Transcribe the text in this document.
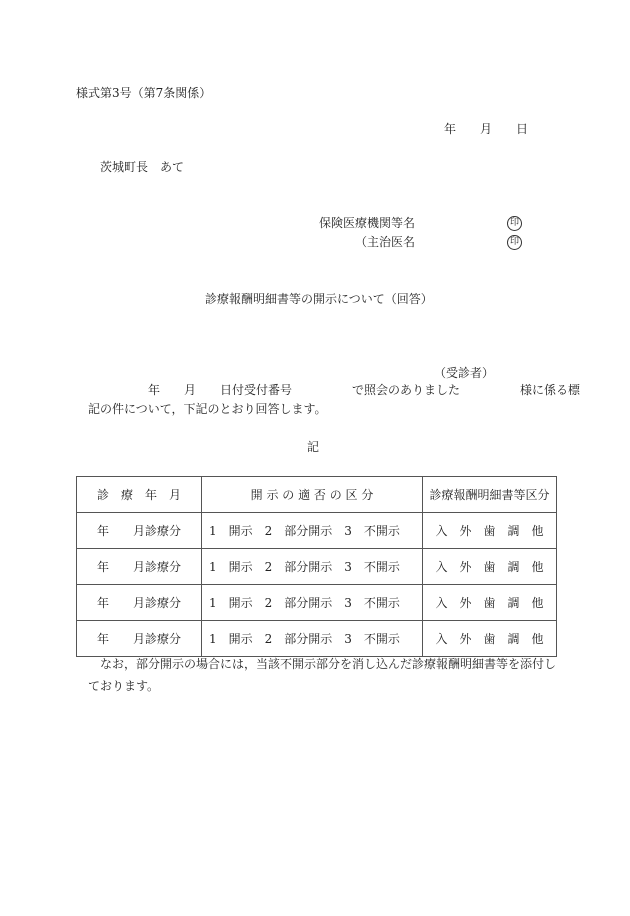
様式第3号（第7条関係）
年　　月　　日
茨城町長　あて
保険医療機関等名	印
（主治医名	印
診療報酬明細書等の開示について（回答）
（受診者）
年　　月　　日付受付番号　　　　　で照会のありました　　　　　様に係る標
記の件について，下記のとおり回答します。
記
診　療　年　月	開 示 の 適 否 の 区 分	診療報酬明細書等区分
年　　月診療分	1　開示　2　部分開示　3　不開示	入　外　歯　調　他
年　　月診療分	1　開示　2　部分開示　3　不開示	入　外　歯　調　他
年　　月診療分	1　開示　2　部分開示　3　不開示	入　外　歯　調　他
年　　月診療分	1　開示　2　部分開示　3　不開示	入　外　歯　調　他
なお，部分開示の場合には，当該不開示部分を消し込んだ診療報酬明細書等を添付し
ております。
